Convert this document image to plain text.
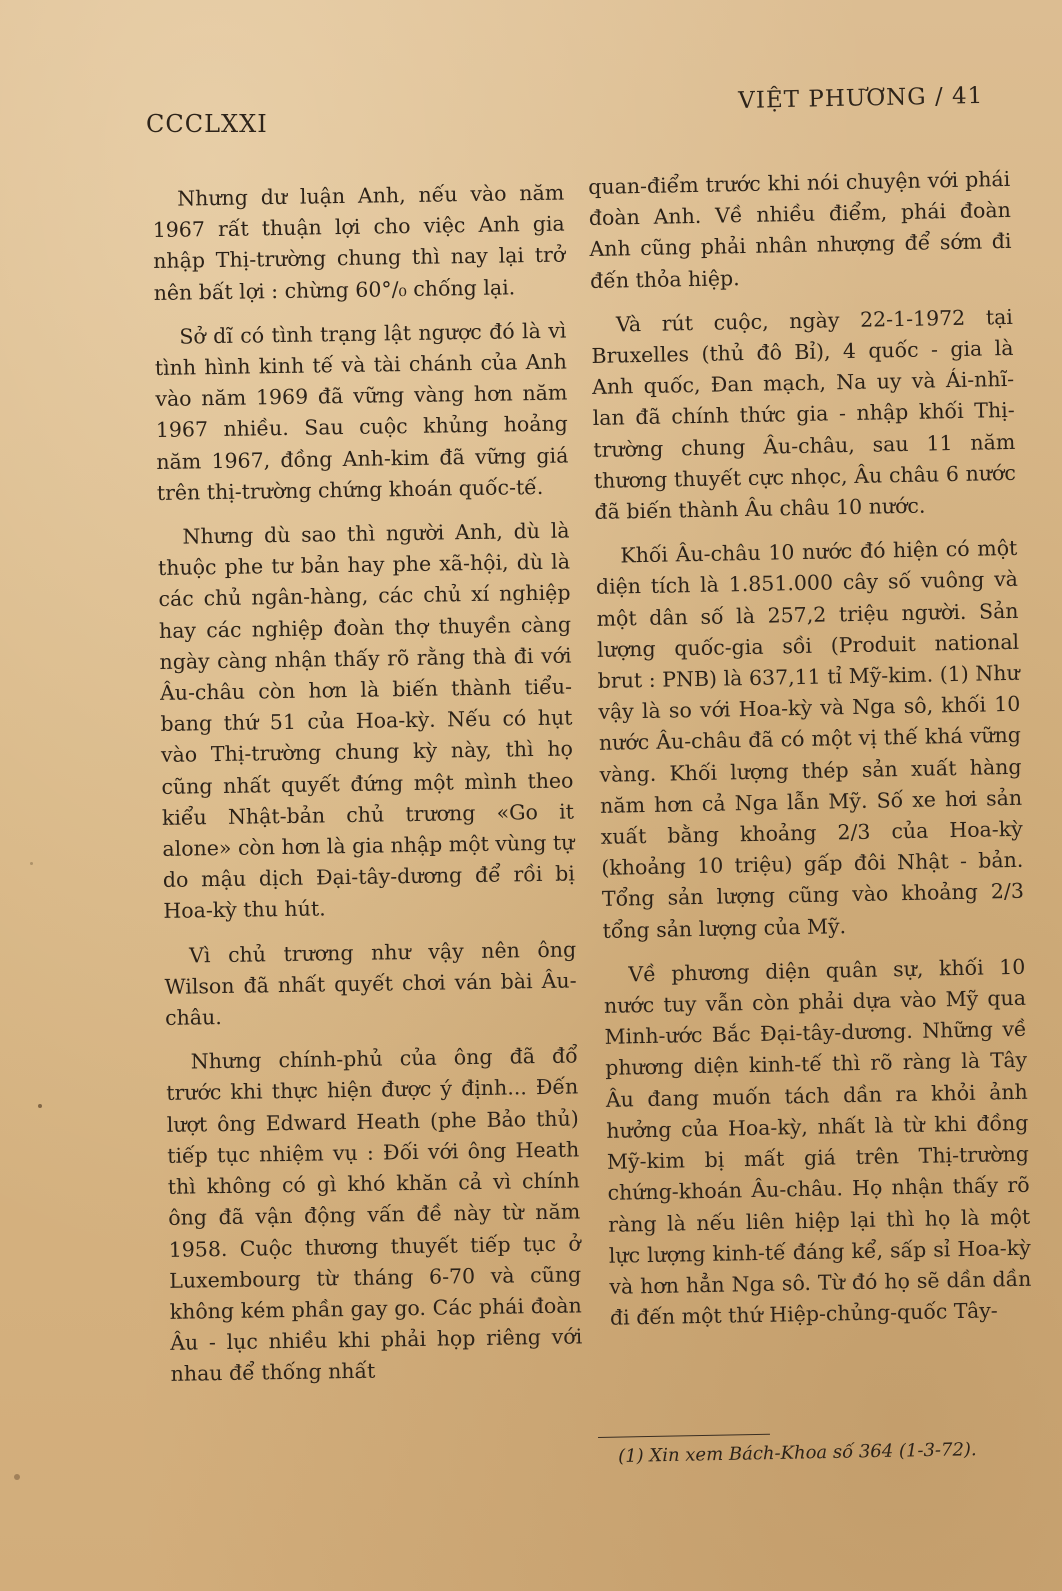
CCCLXXI
VIỆT PHƯƠNG / 41

Nhưng dư luận Anh, nếu vào năm 1967 rất thuận lợi cho việc Anh gia nhập Thị-trường chung thì nay lại trở nên bất lợi : chừng 60°/₀ chống lại.

Sở dĩ có tình trạng lật ngược đó là vì tình hình kinh tế và tài chánh của Anh vào năm 1969 đã vững vàng hơn năm 1967 nhiều. Sau cuộc khủng hoảng năm 1967, đồng Anh-kim đã vững giá trên thị-trường chứng khoán quốc-tế.

Nhưng dù sao thì người Anh, dù là thuộc phe tư bản hay phe xã-hội, dù là các chủ ngân-hàng, các chủ xí nghiệp hay các nghiệp đoàn thợ thuyền càng ngày càng nhận thấy rõ rằng thà đi với Âu-châu còn hơn là biến thành tiểu-bang thứ 51 của Hoa-kỳ. Nếu có hụt vào Thị-trường chung kỳ này, thì họ cũng nhất quyết đứng một mình theo kiểu Nhật-bản chủ trương «Go it alone» còn hơn là gia nhập một vùng tự do mậu dịch Đại-tây-dương để rồi bị Hoa-kỳ thu hút.

Vì chủ trương như vậy nên ông Wilson đã nhất quyết chơi ván bài Âu-châu.

Nhưng chính-phủ của ông đã đổ trước khi thực hiện được ý định... Đến lượt ông Edward Heath (phe Bảo thủ) tiếp tục nhiệm vụ : Đối với ông Heath thì không có gì khó khăn cả vì chính ông đã vận động vấn đề này từ năm 1958. Cuộc thương thuyết tiếp tục ở Luxembourg từ tháng 6-70 và cũng không kém phần gay go. Các phái đoàn Âu - lục nhiều khi phải họp riêng với nhau để thống nhất

quan-điểm trước khi nói chuyện với phái đoàn Anh. Về nhiều điểm, phái đoàn Anh cũng phải nhân nhượng để sớm đi đến thỏa hiệp.

Và rút cuộc, ngày 22-1-1972 tại Bruxelles (thủ đô Bỉ), 4 quốc - gia là Anh quốc, Đan mạch, Na uy và Ái-nhĩ-lan đã chính thức gia - nhập khối Thị-trường chung Âu-châu, sau 11 năm thương thuyết cực nhọc, Âu châu 6 nước đã biến thành Âu châu 10 nước.

Khối Âu-châu 10 nước đó hiện có một diện tích là 1.851.000 cây số vuông và một dân số là 257,2 triệu người. Sản lượng quốc-gia sồi (Produit national brut : PNB) là 637,11 tỉ Mỹ-kim. (1) Như vậy là so với Hoa-kỳ và Nga sô, khối 10 nước Âu-châu đã có một vị thế khá vững vàng. Khối lượng thép sản xuất hàng năm hơn cả Nga lẫn Mỹ. Số xe hơi sản xuất bằng khoảng 2/3 của Hoa-kỳ (khoảng 10 triệu) gấp đôi Nhật - bản. Tổng sản lượng cũng vào khoảng 2/3 tổng sản lượng của Mỹ.

Về phương diện quân sự, khối 10 nước tuy vẫn còn phải dựa vào Mỹ qua Minh-ước Bắc Đại-tây-dương. Những về phương diện kinh-tế thì rõ ràng là Tây Âu đang muốn tách dần ra khỏi ảnh hưởng của Hoa-kỳ, nhất là từ khi đồng Mỹ-kim bị mất giá trên Thị-trường chứng-khoán Âu-châu. Họ nhận thấy rõ ràng là nếu liên hiệp lại thì họ là một lực lượng kinh-tế đáng kể, sấp sỉ Hoa-kỳ và hơn hẳn Nga sô. Từ đó họ sẽ dần dần đi đến một thứ Hiệp-chủng-quốc Tây-

(1) Xin xem Bách-Khoa số 364 (1-3-72).
